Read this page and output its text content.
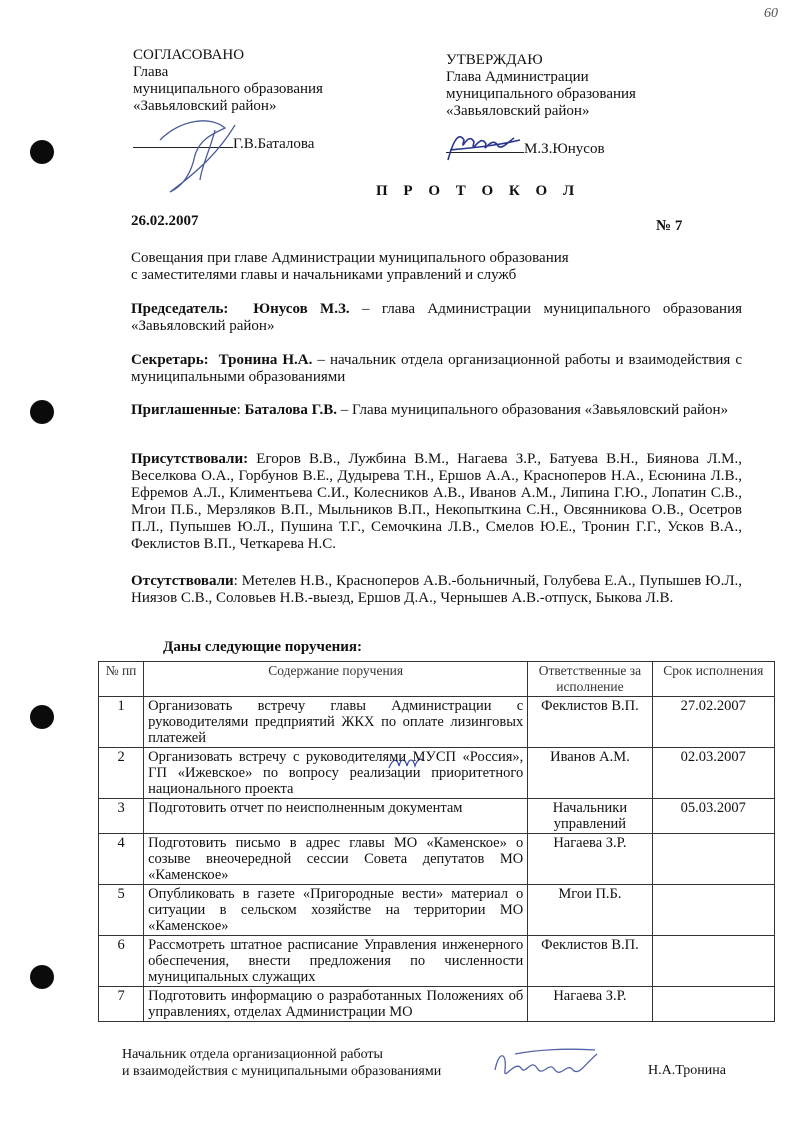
60
СОГЛАСОВАНО
Глава
муниципального образования
«Завьяловский район»
Г.В.Баталова
УТВЕРЖДАЮ
Глава Администрации
муниципального образования
«Завьяловский район»
М.З.Юнусов
П Р О Т О К О Л
26.02.2007	№ 7
Совещания при главе Администрации муниципального образования
с заместителями главы и начальниками управлений и служб
Председатель: Юнусов М.З. – глава Администрации муниципального образования «Завьяловский район»
Секретарь: Тронина Н.А. – начальник отдела организационной работы и взаимодействия с муниципальными образованиями
Приглашенные: Баталова Г.В. – Глава муниципального образования «Завьяловский район»
Присутствовали: Егоров В.В., Лужбина В.М., Нагаева З.Р., Батуева В.Н., Биянова Л.М., Веселкова О.А., Горбунов В.Е., Дудырева Т.Н., Ершов А.А., Красноперов Н.А., Есюнина Л.В., Ефремов А.Л., Климентьева С.И., Колесников А.В., Иванов А.М., Липина Г.Ю., Лопатин С.В., Мгои П.Б., Мерзляков В.П., Мыльников В.П., Некопыткина С.Н., Овсянникова О.В., Осетров П.Л., Пупышев Ю.Л., Пушина Т.Г., Семочкина Л.В., Смелов Ю.Е., Тронин Г.Г., Усков В.А., Феклистов В.П., Четкарева Н.С.
Отсутствовали: Метелев Н.В., Красноперов А.В.-больничный, Голубева Е.А., Пупышев Ю.Л., Ниязов С.В., Соловьев Н.В.-выезд, Ершов Д.А., Чернышев А.В.-отпуск, Быкова Л.В.
Даны следующие поручения:
№ пп	Содержание поручения	Ответственные за исполнение	Срок исполнения
1	Организовать встречу главы Администрации с руководителями предприятий ЖКХ по оплате лизинговых платежей	Феклистов В.П.	27.02.2007
2	Организовать встречу с руководителями МУСП «Россия», ГП «Ижевское» по вопросу реализации приоритетного национального проекта	Иванов А.М.	02.03.2007
3	Подготовить отчет по неисполненным документам	Начальники управлений	05.03.2007
4	Подготовить письмо в адрес главы МО «Каменское» о созыве внеочередной сессии Совета депутатов МО «Каменское»	Нагаева З.Р.	
5	Опубликовать в газете «Пригородные вести» материал о ситуации в сельском хозяйстве на территории МО «Каменское»	Мгои П.Б.	
6	Рассмотреть штатное расписание Управления инженерного обеспечения, внести предложения по численности муниципальных служащих	Феклистов В.П.	
7	Подготовить информацию о разработанных Положениях об управлениях, отделах Администрации МО	Нагаева З.Р.	
Начальник отдела организационной работы
и взаимодействия с муниципальными образованиями	Н.А.Тронина
